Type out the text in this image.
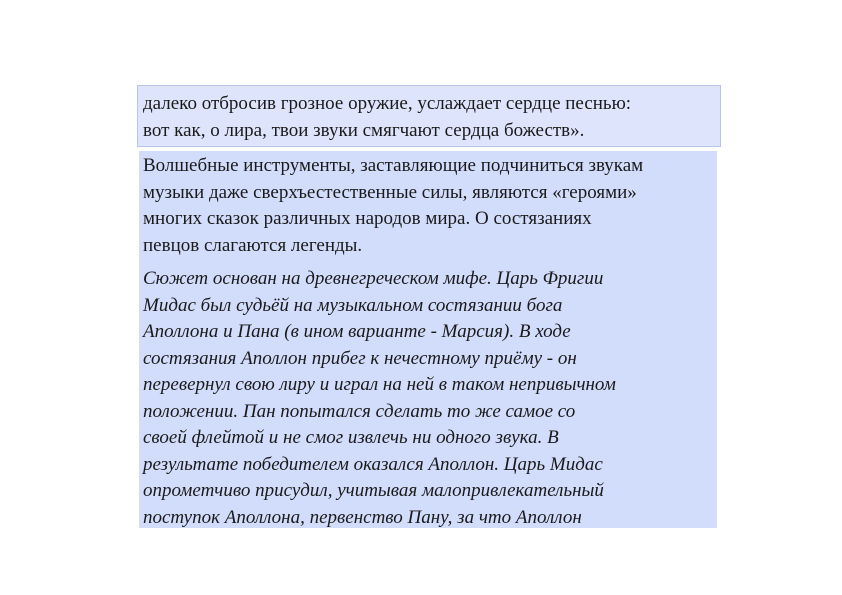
далеко отбросив грозное оружие, услаждает сердце песнью:
вот как, о лира, твои звуки смягчают сердца божеств».
Волшебные инструменты, заставляющие подчиниться звукам
музыки даже сверхъестественные силы, являются «героями»
многих сказок различных народов мира. О состязаниях
певцов слагаются легенды.
Сюжет основан на древнегреческом мифе. Царь Фригии
Мидас был судьёй на музыкальном состязании бога
Аполлона и Пана (в ином варианте - Марсия). В ходе
состязания Аполлон прибег к нечестному приёму - он
перевернул свою лиру и играл на ней в таком непривычном
положении. Пан попытался сделать то же самое со
своей флейтой и не смог извлечь ни одного звука. В
результате победителем оказался Аполлон. Царь Мидас
опрометчиво присудил, учитывая малопривлекательный
поступок Аполлона, первенство Пану, за что Аполлон
